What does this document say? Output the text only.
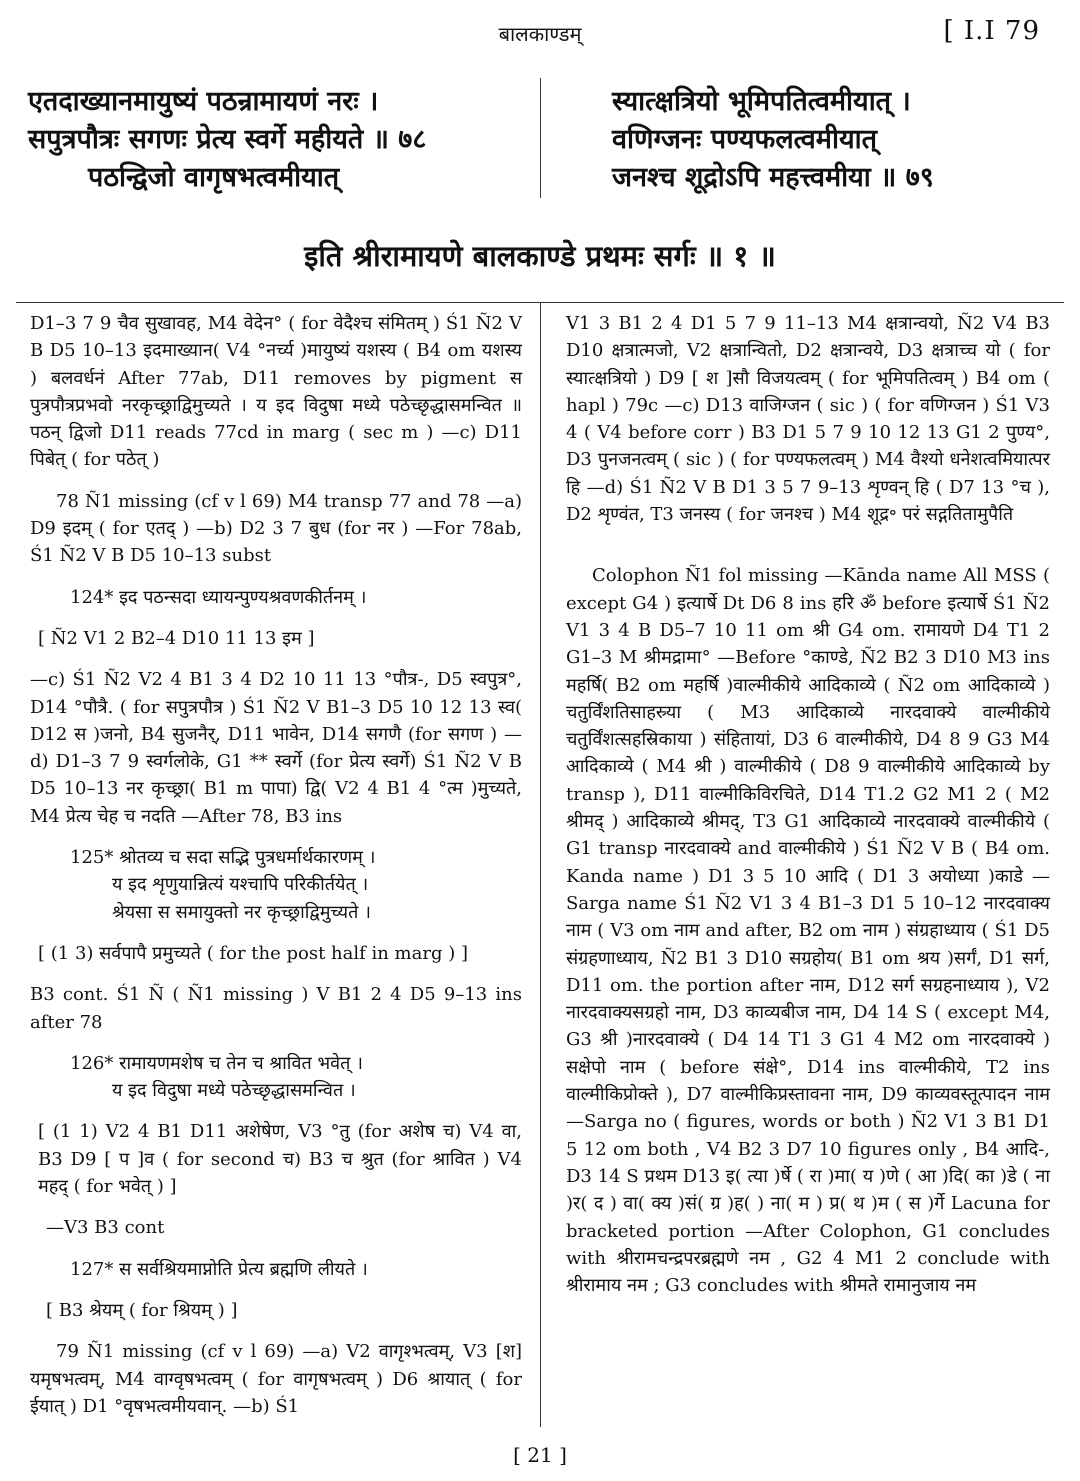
बालकाण्डम्	[ I.I 79
एतदाख्यानमायुष्यं पठन्रामायणं नरः ।
सपुत्रपौत्रः सगणः प्रेत्य स्वर्गे महीयते ॥ ७८
पठन्द्विजो वागृषभत्वमीयात्
स्यात्क्षत्रियो भूमिपतित्वमीयात् ।
वणिग्जनः पण्यफलत्वमीयात्
जनश्च शूद्रोऽपि महत्त्वमीया ॥ ७९
इति श्रीरामायणे बालकाण्डे प्रथमः सर्गः ॥ १ ॥

D1–3 7 9 चैव सुखावह, M4 वेदेन° ( for वेदैश्च संमितम् ) Ś1 Ñ2 V B D5 10–13 इदमाख्यान( V4 °नर्च्य )मायुष्यं यशस्य ( B4 om यशस्य ) बलवर्धनं After 77ab, D11 removes by pigment स पुत्रपौत्रप्रभवो नरकृच्छ्राद्विमुच्यते । य इद विदुषा मध्ये पठेच्छृद्धासमन्वित ॥ पठन् द्विजो D11 reads 77cd in marg ( sec m ) —c) D11 पिबेत् ( for पठेत् )

78 Ñ1 missing (cf v l 69) M4 transp 77 and 78 —a) D9 इदम् ( for एतद् ) —b) D2 3 7 बुध (for नर ) —For 78ab, Ś1 Ñ2 V B D5 10–13 subst

124* इद पठन्सदा ध्यायन्पुण्यश्रवणकीर्तनम् ।

[ Ñ2 V1 2 B2–4 D10 11 13 इम ]

—c) Ś1 Ñ2 V2 4 B1 3 4 D2 10 11 13 °पौत्र-, D5 स्वपुत्र°, D14 °पौत्रै. ( for सपुत्रपौत्र ) Ś1 Ñ2 V B1–3 D5 10 12 13 स्व( D12 स )जनो, B4 सुजनैर्, D11 भावेन, D14 सगणै (for सगण ) —d) D1–3 7 9 स्वर्गलोके, G1 ** स्वर्गे (for प्रेत्य स्वर्गे) Ś1 Ñ2 V B D5 10–13 नर कृच्छ्रा( B1 m पापा) द्वि( V2 4 B1 4 °त्म )मुच्यते, M4 प्रेत्य चेह च नदति —After 78, B3 ins

125* श्रोतव्य च सदा सद्भि पुत्रधर्मार्थकारणम् ।
य इद शृणुयान्नित्यं यश्चापि परिकीर्तयेत् ।
श्रेयसा स समायुक्तो नर कृच्छ्राद्विमुच्यते ।

[ (1 3) सर्वपापै प्रमुच्यते ( for the post half in marg ) ]

B3 cont. Ś1 Ñ ( Ñ1 missing ) V B1 2 4 D5 9–13 ins after 78

126* रामायणमशेष च तेन च श्रावित भवेत् ।
य इद विदुषा मध्ये पठेच्छृद्धासमन्वित ।

[ (1 1) V2 4 B1 D11 अशेषेण, V3 °तु (for अशेष च) V4 वा, B3 D9 [ प ]व ( for second च) B3 च श्रुत (for श्रावित ) V4 महद् ( for भवेत् ) ]

—V3 B3 cont

127* स सर्वश्रियमाप्नोति प्रेत्य ब्रह्मणि लीयते ।

[ B3 श्रेयम् ( for श्रियम् ) ]

79 Ñ1 missing (cf v l 69) —a) V2 वागृश्भत्वम्, V3 [श] यमृषभत्वम्, M4 वाग्वृषभत्वम् ( for वागृषभत्वम् ) D6 श्रायात् ( for ईयात् ) D1 °वृषभत्वमीयवान्. —b) Ś1

V1 3 B1 2 4 D1 5 7 9 11–13 M4 क्षत्रान्वयो, Ñ2 V4 B3 D10 क्षत्रात्मजो, V2 क्षत्रान्वितो, D2 क्षत्रान्वये, D3 क्षत्राच्च यो ( for स्यात्क्षत्रियो ) D9 [ श ]सौ विजयत्वम् ( for भूमिपतित्वम् ) B4 om ( hapl ) 79c —c) D13 वाजिग्जन ( sic ) ( for वणिग्जन ) Ś1 V3 4 ( V4 before corr ) B3 D1 5 7 9 10 12 13 G1 2 पुण्य°, D3 पुनजनत्वम् ( sic ) ( for पण्यफलत्वम् ) M4 वैश्यो धनेशत्वमियात्पर हि —d) Ś1 Ñ2 V B D1 3 5 7 9–13 शृण्वन् हि ( D7 13 °च ), D2 शृण्वंत, T3 जनस्य ( for जनश्च ) M4 शूद्र॰ परं सद्गतितामुपैति

Colophon Ñ1 fol missing —Kānda name All MSS ( except G4 ) इत्यार्षे Dt D6 8 ins हरि ॐ before इत्यार्षे Ś1 Ñ2 V1 3 4 B D5–7 10 11 om श्री G4 om. रामायणे D4 T1 2 G1–3 M श्रीमद्रामा° —Before °काण्डे, Ñ2 B2 3 D10 M3 ins महर्षि( B2 om महर्षि )वाल्मीकीये आदिकाव्ये ( Ñ2 om आदिकाव्ये ) चतुर्विंशतिसाहस्र्या ( M3 आदिकाव्ये नारदवाक्ये वाल्मीकीये चतुर्विंशत्सहस्रिकाया ) संहितायां, D3 6 वाल्मीकीये, D4 8 9 G3 M4 आदिकाव्ये ( M4 श्री ) वाल्मीकीये ( D8 9 वाल्मीकीये आदिकाव्ये by transp ), D11 वाल्मीकिविरचिते, D14 T1.2 G2 M1 2 ( M2 श्रीमद् ) आदिकाव्ये श्रीमद्, T3 G1 आदिकाव्ये नारदवाक्ये वाल्मीकीये ( G1 transp नारदवाक्ये and वाल्मीकीये ) Ś1 Ñ2 V B ( B4 om. Kanda name ) D1 3 5 10 आदि ( D1 3 अयोध्या )काडे —Sarga name Ś1 Ñ2 V1 3 4 B1–3 D1 5 10–12 नारदवाक्य नाम ( V3 om नाम and after, B2 om नाम ) संग्रहाध्याय ( Ś1 D5 संग्रहणाध्याय, Ñ2 B1 3 D10 सग्रहोय( B1 om श्रय )सर्गं, D1 सर्ग, D11 om. the portion after नाम, D12 सर्ग सग्रहनाध्याय ), V2 नारदवाक्यसग्रहो नाम, D3 काव्यबीज नाम, D4 14 S ( except M4, G3 श्री )नारदवाक्ये ( D4 14 T1 3 G1 4 M2 om नारदवाक्ये ) सक्षेपो नाम ( before संक्षे°, D14 ins वाल्मीकीये, T2 ins वाल्मीकिप्रोक्ते ), D7 वाल्मीकिप्रस्तावना नाम, D9 काव्यवस्तूत्पादन नाम —Sarga no ( figures, words or both ) Ñ2 V1 3 B1 D1 5 12 om both , V4 B2 3 D7 10 figures only , B4 आदि-, D3 14 S प्रथम D13 इ( त्या )र्षे ( रा )मा( य )णे ( आ )दि( का )डे ( ना )र( द ) वा( क्य )सं( ग्र )ह( ) ना( म ) प्र( थ )म ( स )र्गे Lacuna for bracketed portion —After Colophon, G1 concludes with श्रीरामचन्द्रपरब्रह्मणे नम , G2 4 M1 2 conclude with श्रीरामाय नम ; G3 concludes with श्रीमते रामानुजाय नम

[ 21 ]
